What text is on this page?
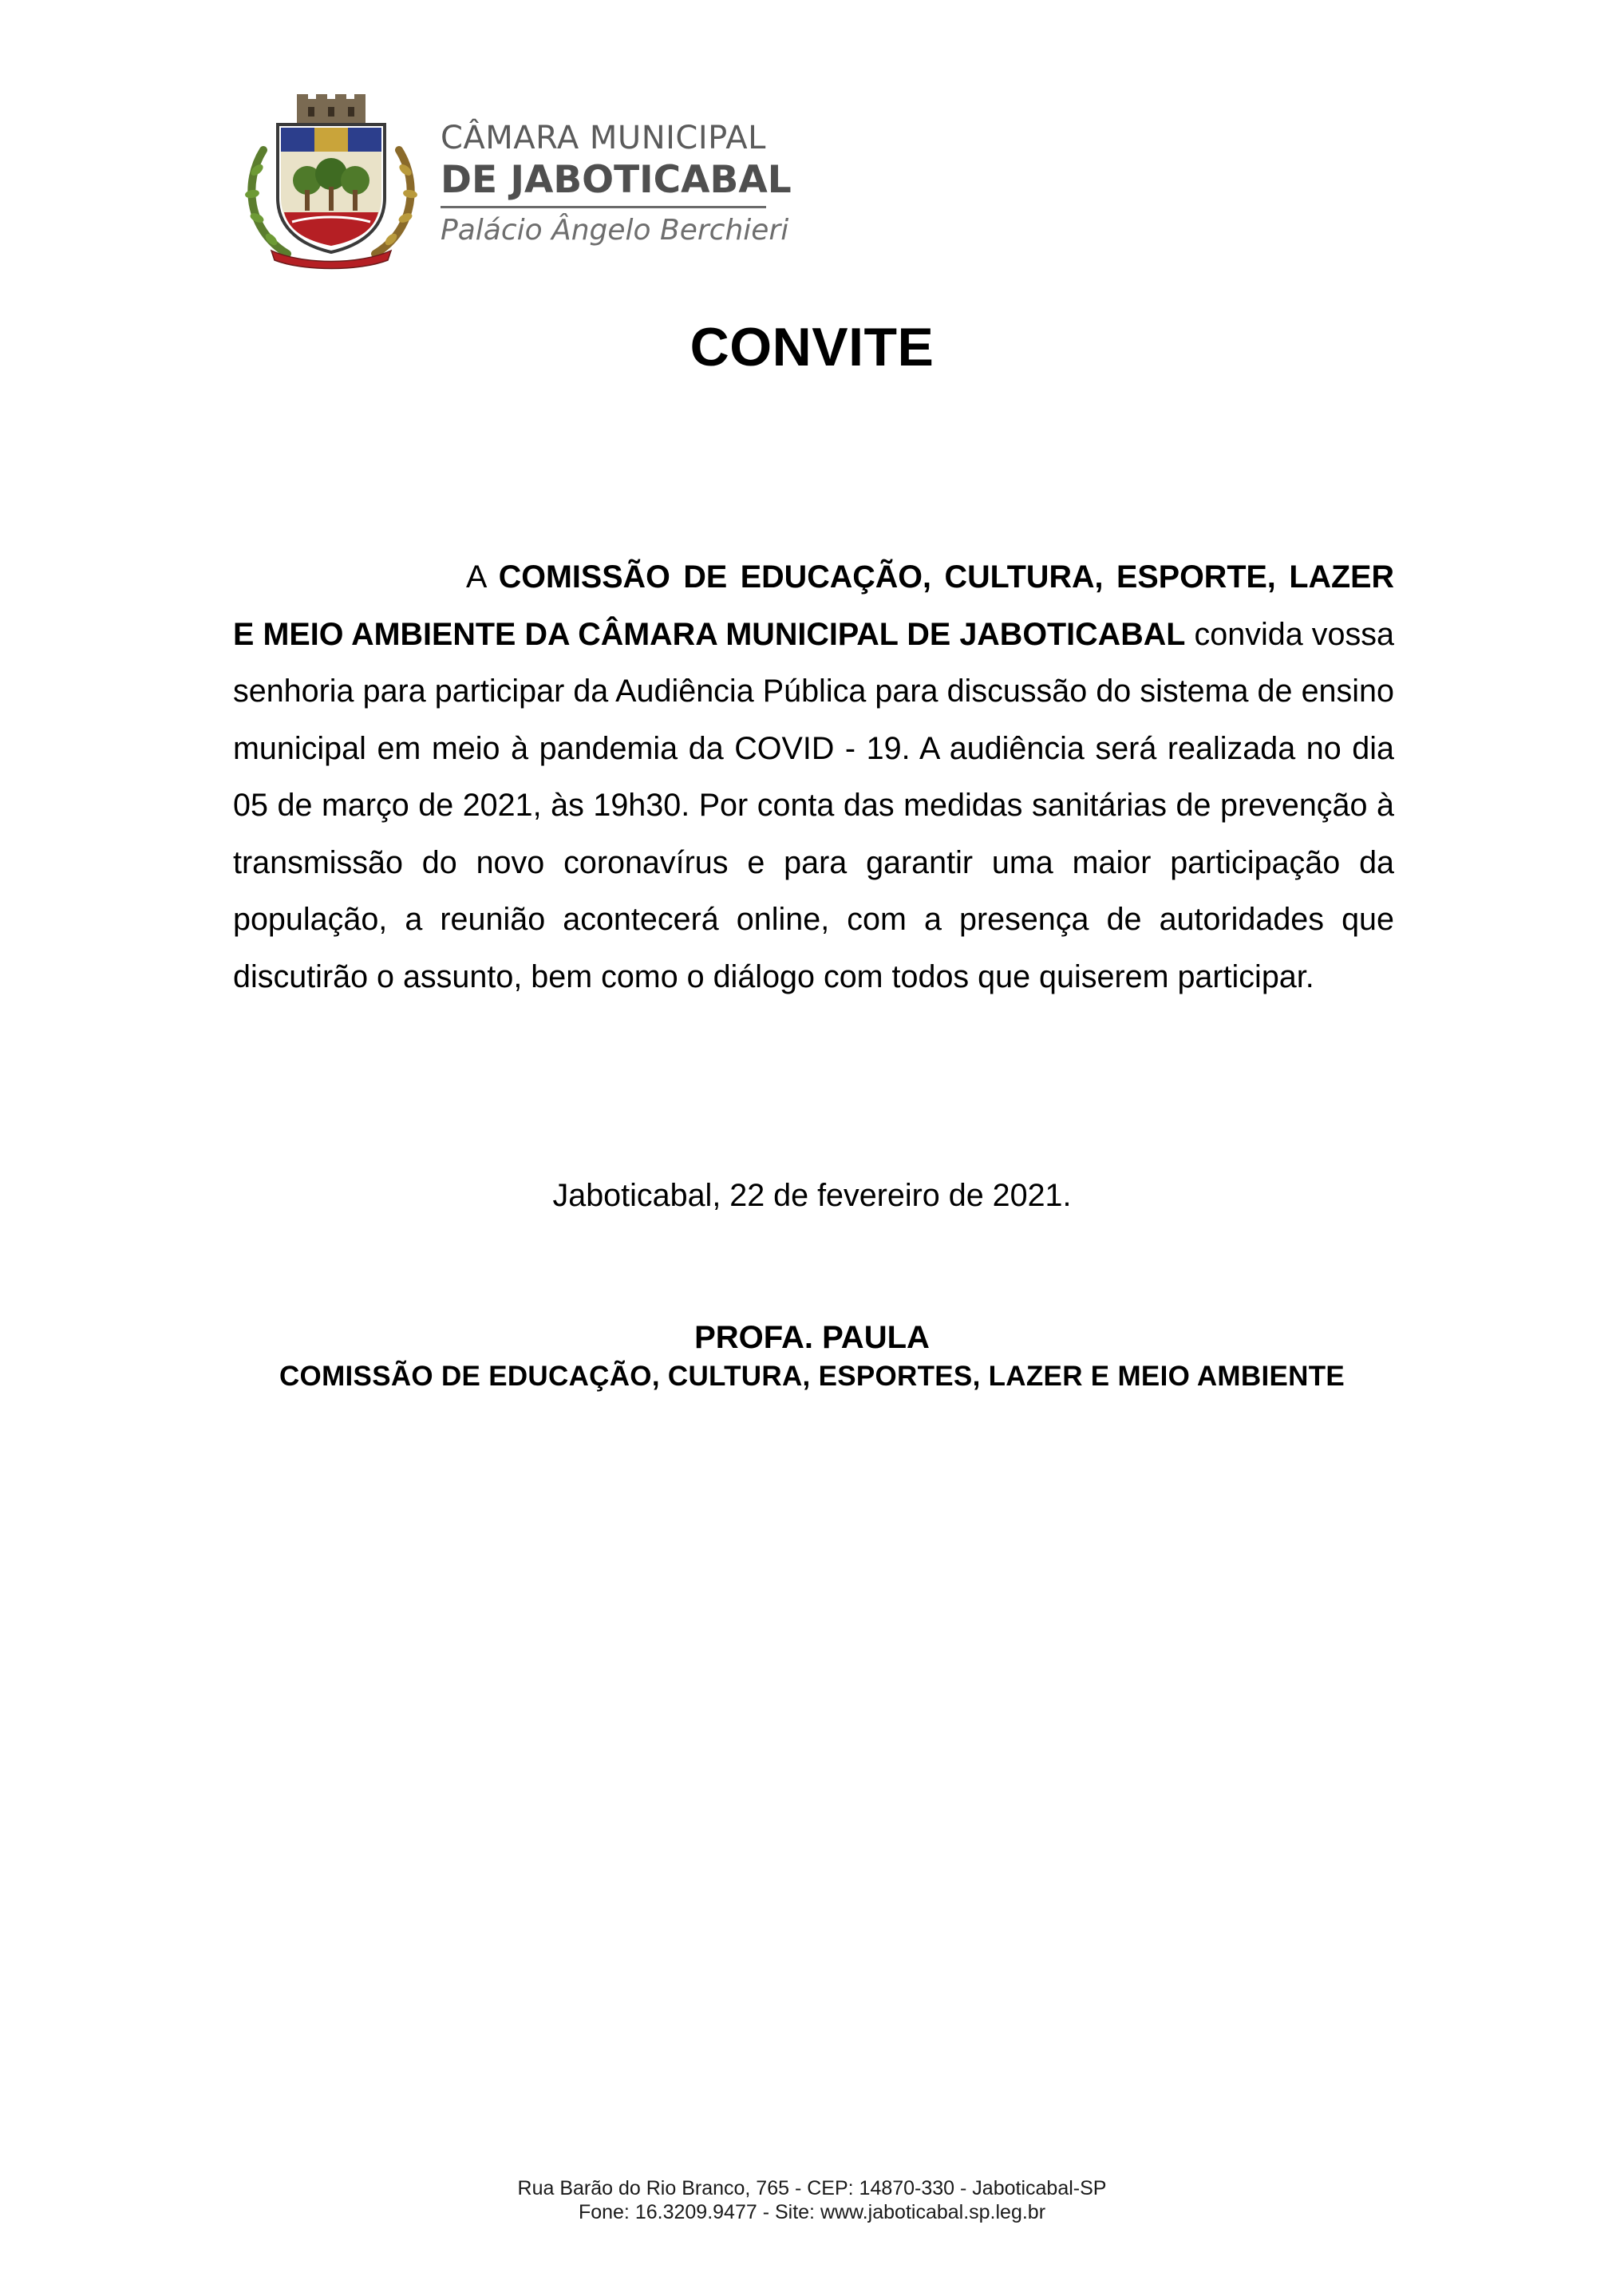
CÂMARA MUNICIPAL
DE JABOTICABAL
Palácio Ângelo Berchieri
CONVITE

A COMISSÃO DE EDUCAÇÃO, CULTURA, ESPORTE, LAZER E MEIO AMBIENTE DA CÂMARA MUNICIPAL DE JABOTICABAL convida vossa senhoria para participar da Audiência Pública para discussão do sistema de ensino municipal em meio à pandemia da COVID - 19. A audiência será realizada no dia 05 de março de 2021, às 19h30. Por conta das medidas sanitárias de prevenção à transmissão do novo coronavírus e para garantir uma maior participação da população, a reunião acontecerá online, com a presença de autoridades que discutirão o assunto, bem como o diálogo com todos que quiserem participar.

Jaboticabal, 22 de fevereiro de 2021.
PROFA. PAULA
COMISSÃO DE EDUCAÇÃO, CULTURA, ESPORTES, LAZER E MEIO AMBIENTE
Rua Barão do Rio Branco, 765 - CEP: 14870-330 - Jaboticabal-SP
Fone: 16.3209.9477 - Site: www.jaboticabal.sp.leg.br
